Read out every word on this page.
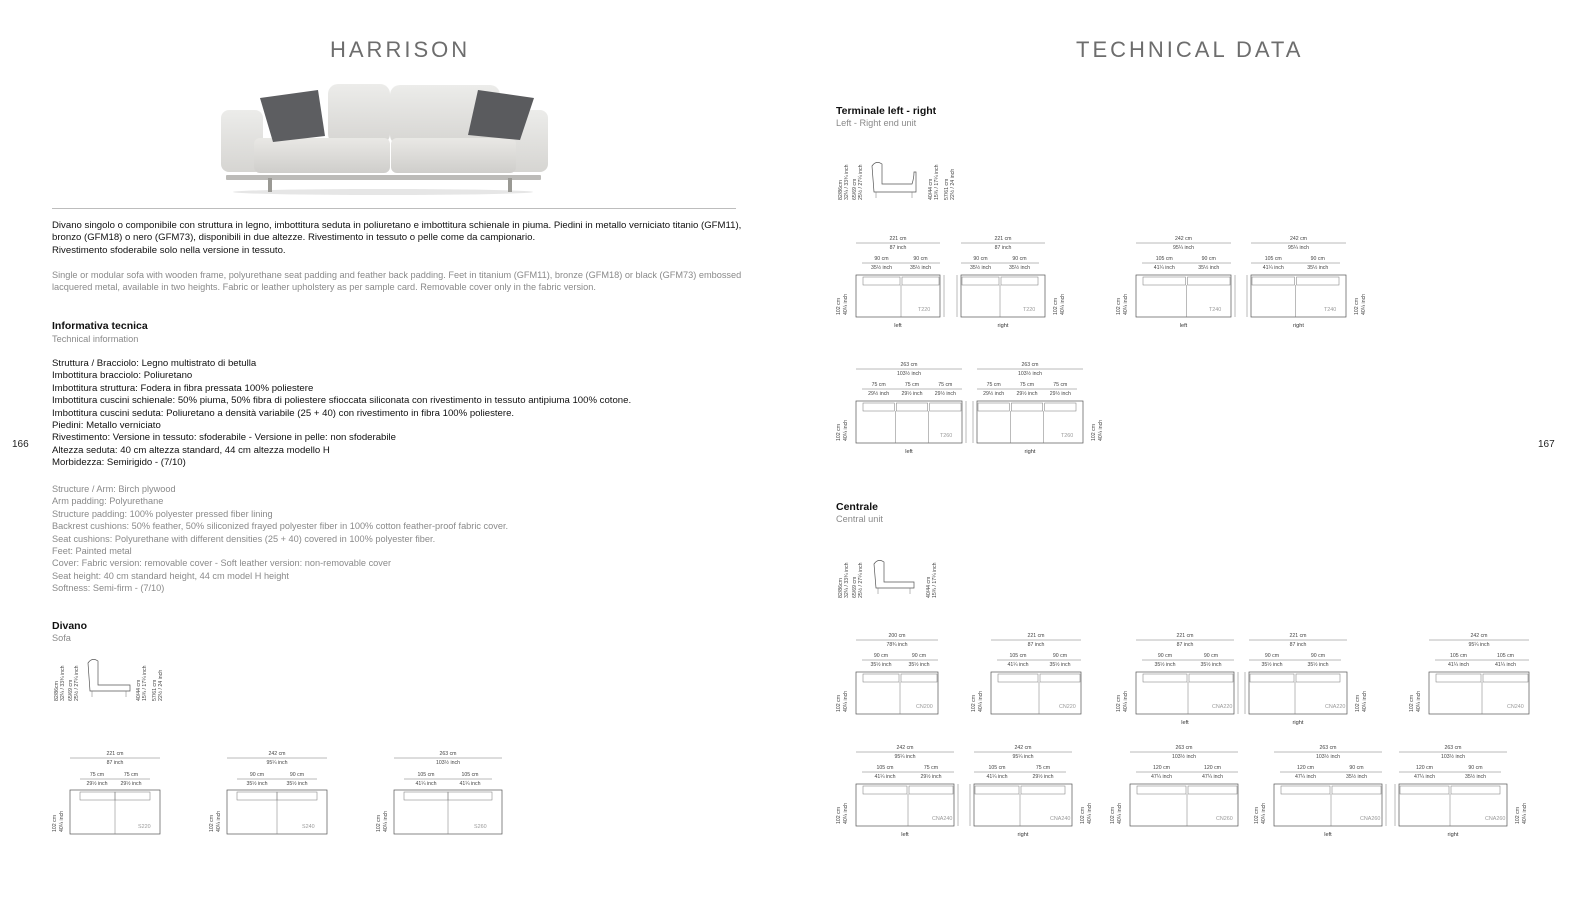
HARRISON

Divano singolo o componibile con struttura in legno, imbottitura seduta in poliuretano e imbottitura schienale in piuma. Piedini in metallo verniciato titanio (GFM11),

bronzo (GFM18) o nero (GFM73), disponibili in due altezze. Rivestimento in tessuto o pelle come da campionario.

Rivestimento sfoderabile solo nella versione in tessuto.

Single or modular sofa with wooden frame, polyurethane seat padding and feather back padding. Feet in titanium (GFM11), bronze (GFM18) or black (GFM73) embossed

lacquered metal, available in two heights. Fabric or leather upholstery as per sample card. Removable cover only in the fabric version.

Informativa tecnica
Technical information

Struttura / Bracciolo: Legno multistrato di betulla

Imbottitura bracciolo: Poliuretano

Imbottitura struttura: Fodera in fibra pressata 100% poliestere

Imbottitura cuscini schienale: 50% piuma, 50% fibra di poliestere sfioccata siliconata con rivestimento in tessuto antipiuma 100% cotone.

Imbottitura cuscini seduta: Poliuretano a densità variabile (25 + 40) con rivestimento in fibra 100% poliestere.

Piedini: Metallo verniciato

Rivestimento: Versione in tessuto: sfoderabile - Versione in pelle: non sfoderabile

Altezza seduta: 40 cm altezza standard, 44 cm altezza modello H

Morbidezza: Semirigido - (7/10)

Structure / Arm: Birch plywood

Arm padding: Polyurethane

Structure padding: 100% polyester pressed fiber lining

Backrest cushions: 50% feather, 50% siliconized frayed polyester fiber in 100% cotton feather-proof fabric cover.

Seat cushions: Polyurethane with different densities (25 + 40) covered in 100% polyester fiber.

Feet: Painted metal

Cover: Fabric version: removable cover - Soft leather version: non-removable cover

Seat height: 40 cm standard height, 44 cm model H height

Softness: Semi-firm - (7/10)

166
Divano
Sofa
82/86cm 32¼ / 33¾ inch 65/69 cm 25½ / 27¼ inch	40/44 cm 15¾ / 17¼ inch 57/61 cm 22½ / 24 inch
221 cm
87 inch
75 cm	75 cm
29½ inch 29½ inch
S220
102 cm 40¼ inch
242 cm
95¼ inch
90 cm	90 cm
35½ inch	35½ inch
S240
102 cm 40¼ inch
263 cm
103½ inch
105 cm	105 cm
41¼ inch	41¼ inch
S260
102 cm 40¼ inch
TECHNICAL DATA
167
Terminale left - right
Left - Right end unit
82/86cm 32¼ / 33¾ inch 65/69 cm 25½ / 27¼ inch	40/44 cm 15¾ / 17¼ inch 57/61 cm 22½ / 24 inch
Centrale
Central unit
82/86cm 32¼ / 33¾ inch 65/69 cm 25½ / 27¼ inch	40/44 cm 15¾ / 17¼ inch
221 cm
87 inch
90 cm
35½ inch
90 cm
35½ inch
T220
102 cm 40¼ inch
left
221 cm
87 inch
90 cm
35½ inch
90 cm
35½ inch
T220	102 cm 40¼ inch
right
242 cm
95¼ inch
105 cm
41¼ inch
90 cm
35½ inch
T240
102 cm 40¼ inch
left
242 cm
95¼ inch
105 cm
41¼ inch
90 cm
35½ inch
T240	102 cm 40¼ inch
right
263 cm
103½ inch
75 cm
29½ inch
75 cm
29½ inch
75 cm
29½ inch
T260
102 cm 40¼ inch
left
263 cm
103½ inch
75 cm
29½ inch
75 cm
29½ inch
75 cm
29½ inch
T260	102 cm 40¼ inch
right
200 cm
78¾ inch
90 cm
35½ inch
90 cm
35½ inch
CN200
102 cm 40¼ inch
221 cm
87 inch
105 cm
41¼ inch
90 cm
35½ inch
CN220
102 cm 40¼ inch
221 cm
87 inch
90 cm
35½ inch
90 cm
35½ inch
CNA220
102 cm 40¼ inch
left
221 cm
87 inch
90 cm
35½ inch
90 cm
35½ inch
CNA220 102 cm 40¼ inch
right
242 cm
95¼ inch
105 cm
41¼ inch
105 cm
41¼ inch
CN240
102 cm 40¼ inch
242 cm
95¼ inch
105 cm
41¼ inch
75 cm
29½ inch
CNA240
102 cm 40¼ inch
left
242 cm
95¼ inch
105 cm
41¼ inch
75 cm
29½ inch
CNA240 102 cm 40¼ inch
right
263 cm
103½ inch
120 cm
47¼ inch
120 cm
47¼ inch
CN260
102 cm 40¼ inch
263 cm
103½ inch
120 cm
47¼ inch
90 cm
35½ inch
CNA260
102 cm 40¼ inch
left
263 cm
103½ inch
120 cm
47¼ inch
90 cm
35½ inch
CNA260 102 cm 40¼ inch
right
